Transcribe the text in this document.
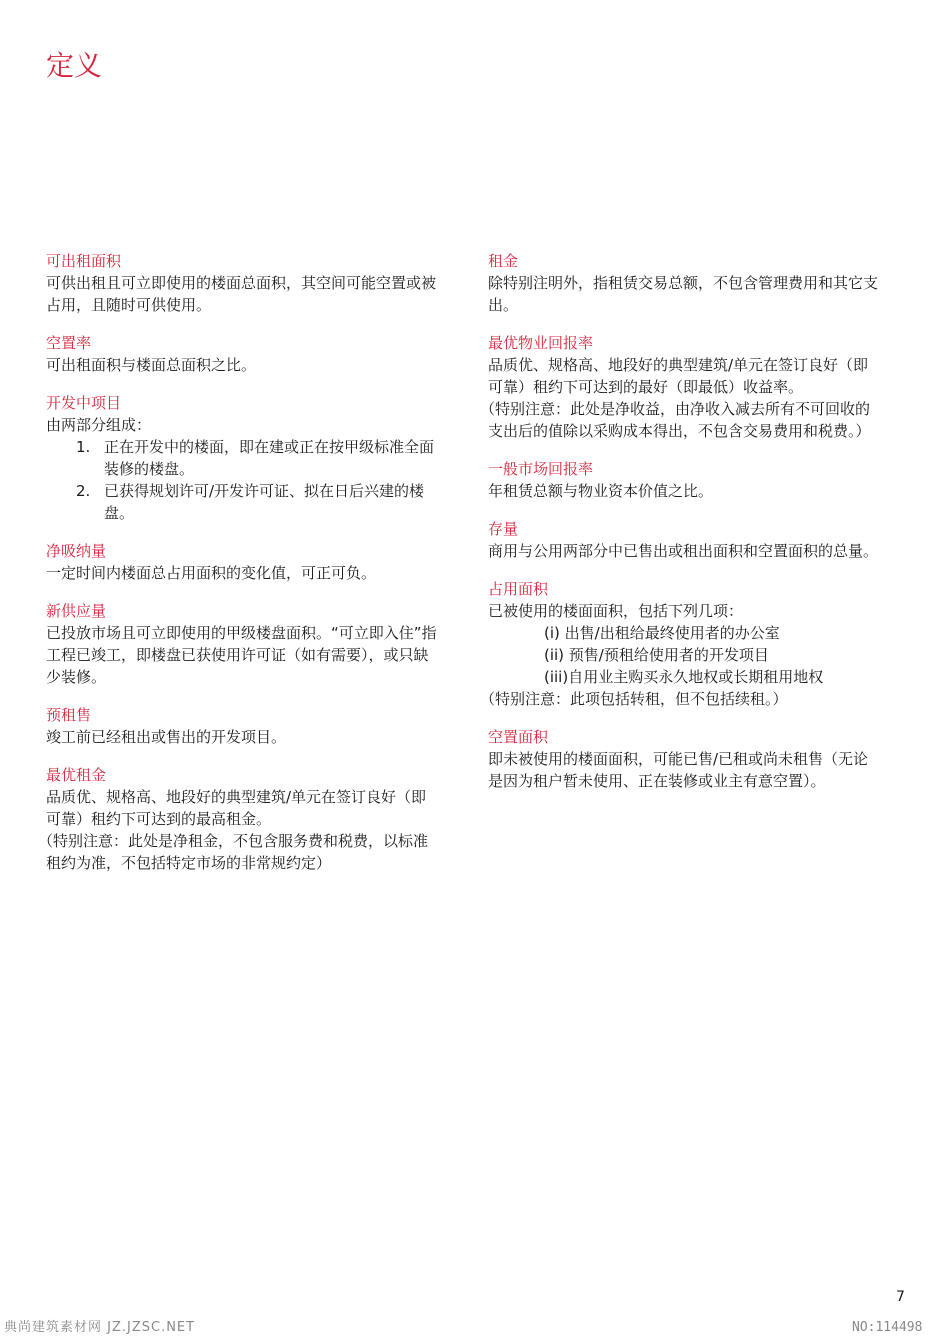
定义
可出租面积
可供出租且可立即使用的楼面总面积，其空间可能空置或被
占用，且随时可供使用。
空置率
可出租面积与楼面总面积之比。
开发中项目
由两部分组成：
1. 正在开发中的楼面，即在建或正在按甲级标准全面
装修的楼盘。
2. 已获得规划许可/开发许可证、拟在日后兴建的楼
盘。
净吸纳量
一定时间内楼面总占用面积的变化值，可正可负。
新供应量
已投放市场且可立即使用的甲级楼盘面积。“可立即入住”指
工程已竣工，即楼盘已获使用许可证（如有需要），或只缺
少装修。
预租售
竣工前已经租出或售出的开发项目。
最优租金
品质优、规格高、地段好的典型建筑/单元在签订良好（即
可靠）租约下可达到的最高租金。
（特别注意：此处是净租金，不包含服务费和税费，以标准
租约为准，不包括特定市场的非常规约定）
租金
除特别注明外，指租赁交易总额，不包含管理费用和其它支
出。
最优物业回报率
品质优、规格高、地段好的典型建筑/单元在签订良好（即
可靠）租约下可达到的最好（即最低）收益率。
（特别注意：此处是净收益，由净收入减去所有不可回收的
支出后的值除以采购成本得出，不包含交易费用和税费。）
一般市场回报率
年租赁总额与物业资本价值之比。
存量
商用与公用两部分中已售出或租出面积和空置面积的总量。
占用面积
已被使用的楼面面积，包括下列几项：
(i) 出售/出租给最终使用者的办公室
(ii) 预售/预租给使用者的开发项目
(iii)自用业主购买永久地权或长期租用地权
（特别注意：此项包括转租，但不包括续租。）
空置面积
即未被使用的楼面面积，可能已售/已租或尚未租售（无论
是因为租户暂未使用、正在装修或业主有意空置）。
7
典尚建筑素材网 JZ.JZSC.NET	NO:114498
